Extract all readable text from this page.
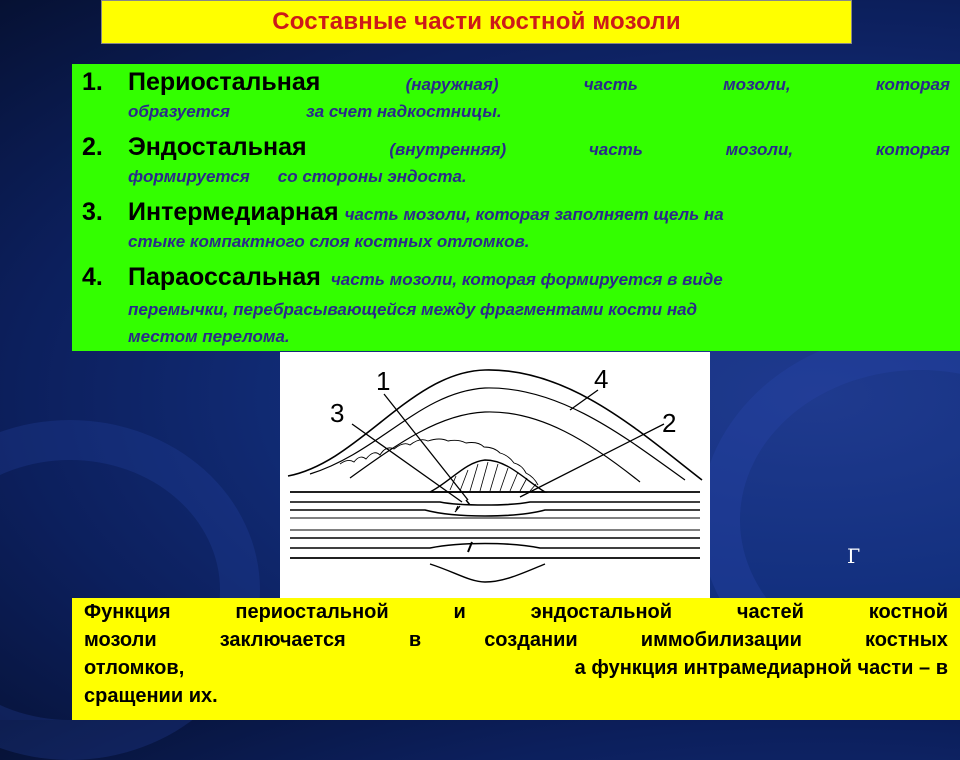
Составные части костной мозоли
1.	Периостальная	(наружная)	часть	мозоли,	которая
образуется	за счет надкостницы.
2.	Эндостальная	(внутренняя)	часть	мозоли,	которая
формируется со стороны эндоста.
3.	Интермедиарная часть мозоли, которая заполняет щель на
стыке компактного слоя костных отломков.
4.	Параоссальная часть мозоли, которая формируется в виде
перемычки, перебрасывающейся между фрагментами кости над
местом перелома.
1
3
4
2
Г
Функция	периостальной	и	эндостальной	частей	костной
мозоли	заключается	в	создании	иммобилизации	костных
отломков,	а функция интрамедиарной части – в
сращении их.
